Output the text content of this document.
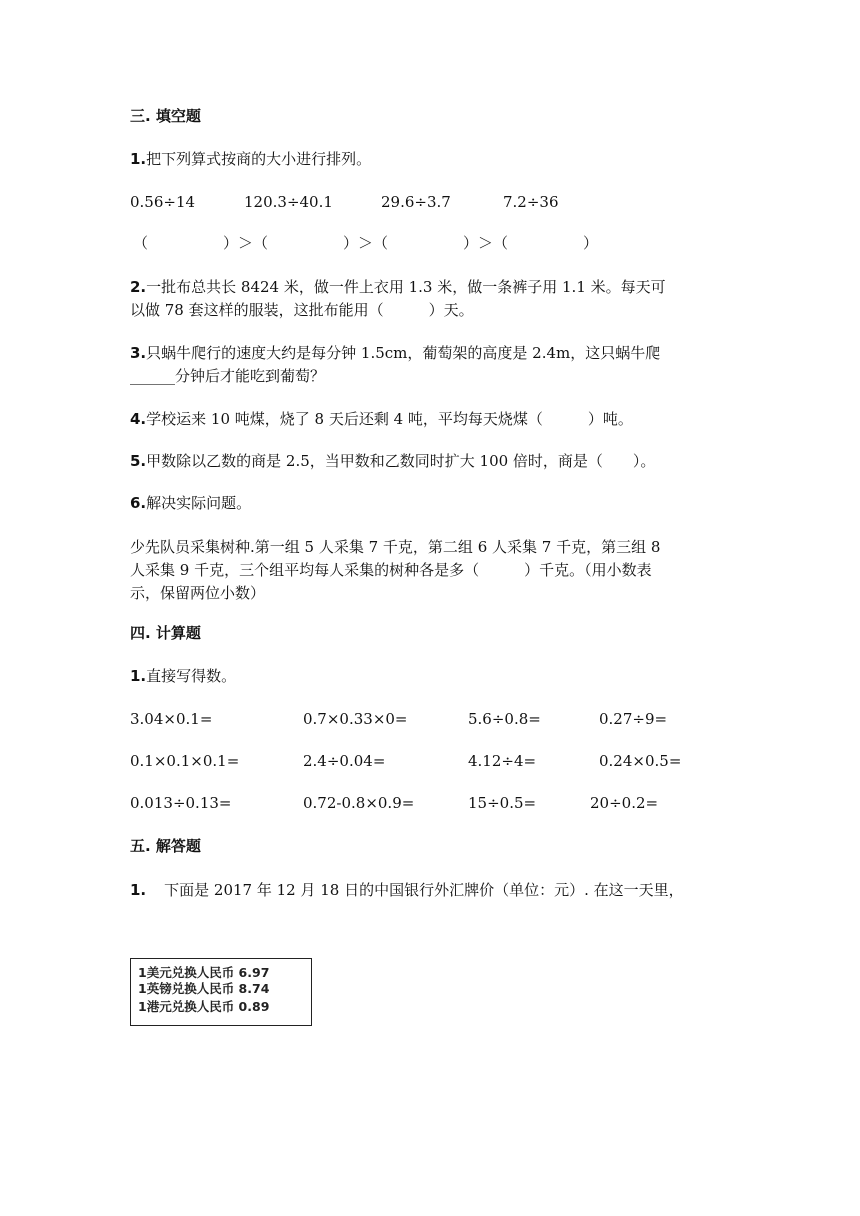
三. 填空题
1.把下列算式按商的大小进行排列。
0.56÷14	120.3÷40.1	29.6÷3.7	7.2÷36
（　　　　　）＞（　　　　　）＞（　　　　　）＞（　　　　　）
2.一批布总共长 8424 米，做一件上衣用 1.3 米，做一条裤子用 1.1 米。每天可
以做 78 套这样的服装，这批布能用（　　　）天。
3.只蜗牛爬行的速度大约是每分钟 1.5cm，葡萄架的高度是 2.4m，这只蜗牛爬
______分钟后才能吃到葡萄？
4.学校运来 10 吨煤，烧了 8 天后还剩 4 吨，平均每天烧煤（　　　）吨。
5.甲数除以乙数的商是 2.5，当甲数和乙数同时扩大 100 倍时，商是（　　）。
6.解决实际问题。
少先队员采集树种.第一组 5 人采集 7 千克，第二组 6 人采集 7 千克，第三组 8
人采集 9 千克，三个组平均每人采集的树种各是多（　　　）千克。（用小数表
示，保留两位小数）
四. 计算题
1.直接写得数。
3.04×0.1=	0.7×0.33×0=	5.6÷0.8=	0.27÷9=
0.1×0.1×0.1=	2.4÷0.04=	4.12÷4=	0.24×0.5=
0.013÷0.13=	0.72-0.8×0.9=	15÷0.5=	20÷0.2=
五. 解答题
1. 下面是 2017 年 12 月 18 日的中国银行外汇牌价（单位：元）. 在这一天里，
1美元兑换人民币 6.97
1英镑兑换人民币 8.74
1港元兑换人民币 0.89
